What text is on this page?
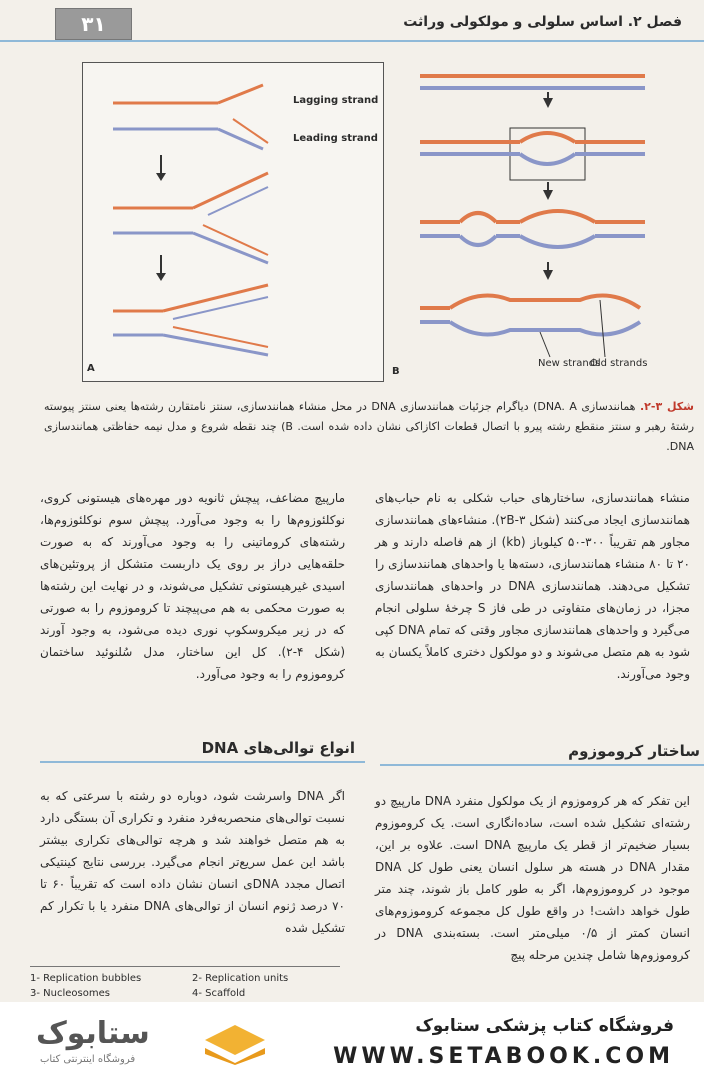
۳۱	فصل ۲. اساس سلولی و مولکولی وراثت
Lagging strand
Leading strand
A	New strands
Old strands
B
شکل ۳-۲. همانندسازی DNA. A) دیاگرام جزئیات همانندسازی DNA در محل منشاء همانندسازی، سنتز نامتقارن رشته‌ها یعنی سنتز پیوسته رشتهٔ رهبر و سنتز منقطع رشته پیرو با اتصال قطعات اکازاکی نشان داده شده است. B) چند نقطه شروع و مدل نیمه حفاظتی همانندسازی DNA.
منشاء همانندسازی، ساختارهای حباب شکلی به نام حباب‌های همانندسازی ایجاد می‌کنند (شکل ۳-۲B). منشاءهای همانندسازی مجاور هم تقریباً ۳۰۰-۵۰ کیلوباز (kb) از هم فاصله دارند و هر ۲۰ تا ۸۰ منشاء همانندسازی، دسته‌ها یا واحدهای همانندسازی را تشکیل می‌دهند. همانندسازی DNA در واحدهای همانندسازی مجزا، در زمان‌های متفاوتی در طی فاز S چرخهٔ سلولی انجام می‌گیرد و واحدهای همانندسازی مجاور وقتی که تمام DNA کپی شود به هم متصل می‌شوند و دو مولکول دختری کاملاً یکسان به وجود می‌آورند.
مارپیچ مضاعف، پیچش ثانویه دور مهره‌های هیستونی کروی، نوکلئوزوم‌ها را به وجود می‌آورد. پیچش سوم نوکلئوزوم‌ها، رشته‌های کروماتینی را به وجود می‌آورند که به صورت حلقه‌هایی دراز بر روی یک داربست متشکل از پروتئین‌های اسیدی غیرهیستونی تشکیل می‌شوند، و در نهایت این رشته‌ها به صورت محکمی به هم می‌پیچند تا کروموزوم را به صورتی که در زیر میکروسکوپ نوری دیده می‌شود، به وجود آورند (شکل ۴-۲). کل این ساختار، مدل سُلنوئید ساختمان کروموزوم را به وجود می‌آورد.
ساختار کروموزوم
انواع توالی‌های DNA
این تفکر که هر کروموزوم از یک مولکول منفرد DNA مارپیچ دو رشته‌ای تشکیل شده است، ساده‌انگاری است. یک کروموزوم بسیار ضخیم‌تر از قطر یک مارپیچ DNA است. علاوه بر این، مقدار DNA در هسته هر سلول انسان یعنی طول کل DNA موجود در کروموزوم‌ها، اگر به طور کامل باز شوند، چند متر طول خواهد داشت! در واقع طول کل مجموعه کروموزوم‌های انسان کمتر از ۰/۵ میلی‌متر است. بسته‌بندی DNA در کروموزوم‌ها شامل چندین مرحله پیچ
اگر DNA واسرشت شود، دوباره دو رشته با سرعتی که به نسبت توالی‌های منحصربه‌فرد منفرد و تکراری آن بستگی دارد به هم متصل خواهند شد و هرچه توالی‌های تکراری بیشتر باشد این عمل سریع‌تر انجام می‌گیرد. بررسی نتایج کینتیکی اتصال مجدد DNAی انسان نشان داده است که تقریباً ۶۰ تا ۷۰ درصد ژنوم انسان از توالی‌های DNA منفرد یا با تکرار کم تشکیل شده
1- Replication bubbles	2- Replication units
3- Nucleosomes	4- Scaffold
ستابوک
فروشگاه اینترنتی کتاب
فروشگاه کتاب پزشکی ستابوک
WWW.SETABOOK.COM
